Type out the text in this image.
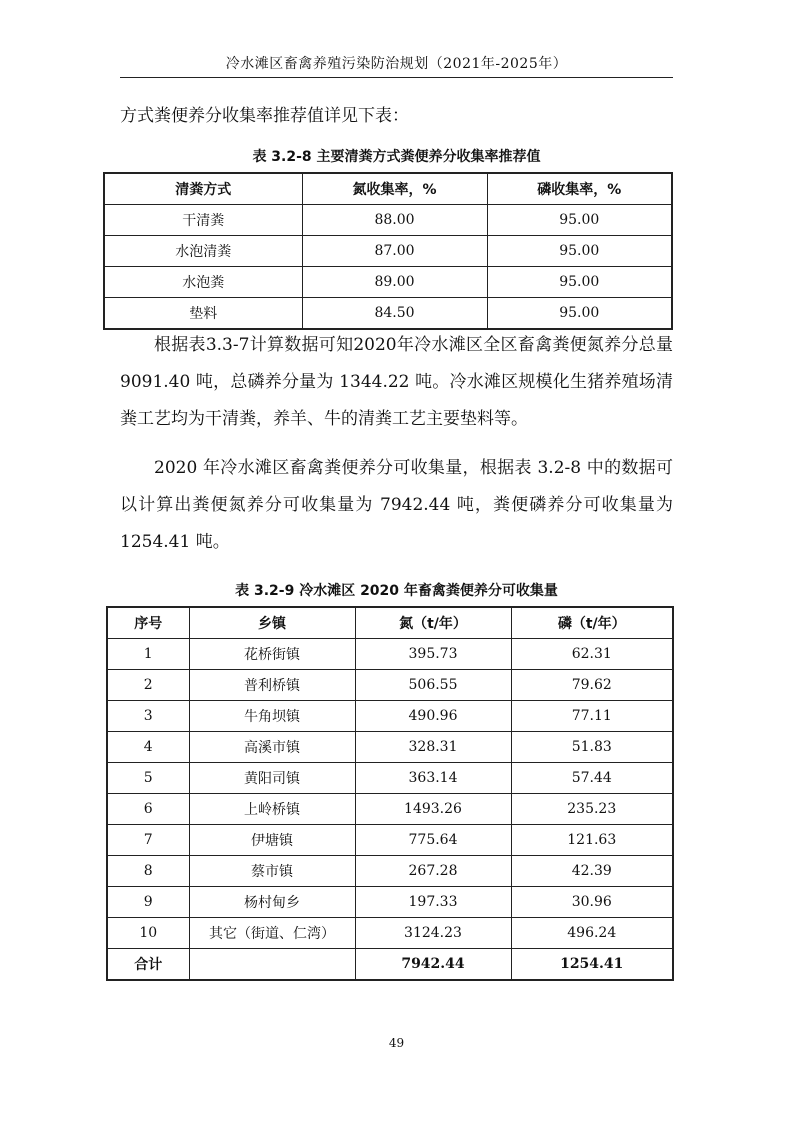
冷水滩区畜禽养殖污染防治规划（2021年-2025年）

方式粪便养分收集率推荐值详见下表：

表 3.2-8 主要清粪方式粪便养分收集率推荐值
清粪方式	氮收集率，%	磷收集率，%
干清粪	88.00	95.00
水泡清粪	87.00	95.00
水泡粪	89.00	95.00
垫料	84.50	95.00

根据表3.3-7计算数据可知2020年冷水滩区全区畜禽粪便氮养分总量 9091.40 吨，总磷养分量为 1344.22 吨。冷水滩区规模化生猪养殖场清粪工艺均为干清粪，养羊、牛的清粪工艺主要垫料等。

2020 年冷水滩区畜禽粪便养分可收集量，根据表 3.2-8 中的数据可以计算出粪便氮养分可收集量为 7942.44 吨，粪便磷养分可收集量为 1254.41 吨。

表 3.2-9 冷水滩区 2020 年畜禽粪便养分可收集量
序号	乡镇	氮（t/年）	磷（t/年）
1	花桥街镇	395.73	62.31
2	普利桥镇	506.55	79.62
3	牛角坝镇	490.96	77.11
4	高溪市镇	328.31	51.83
5	黄阳司镇	363.14	57.44
6	上岭桥镇	1493.26	235.23
7	伊塘镇	775.64	121.63
8	蔡市镇	267.28	42.39
9	杨村甸乡	197.33	30.96
10	其它（街道、仁湾）	3124.23	496.24
合计		7942.44	1254.41
49
